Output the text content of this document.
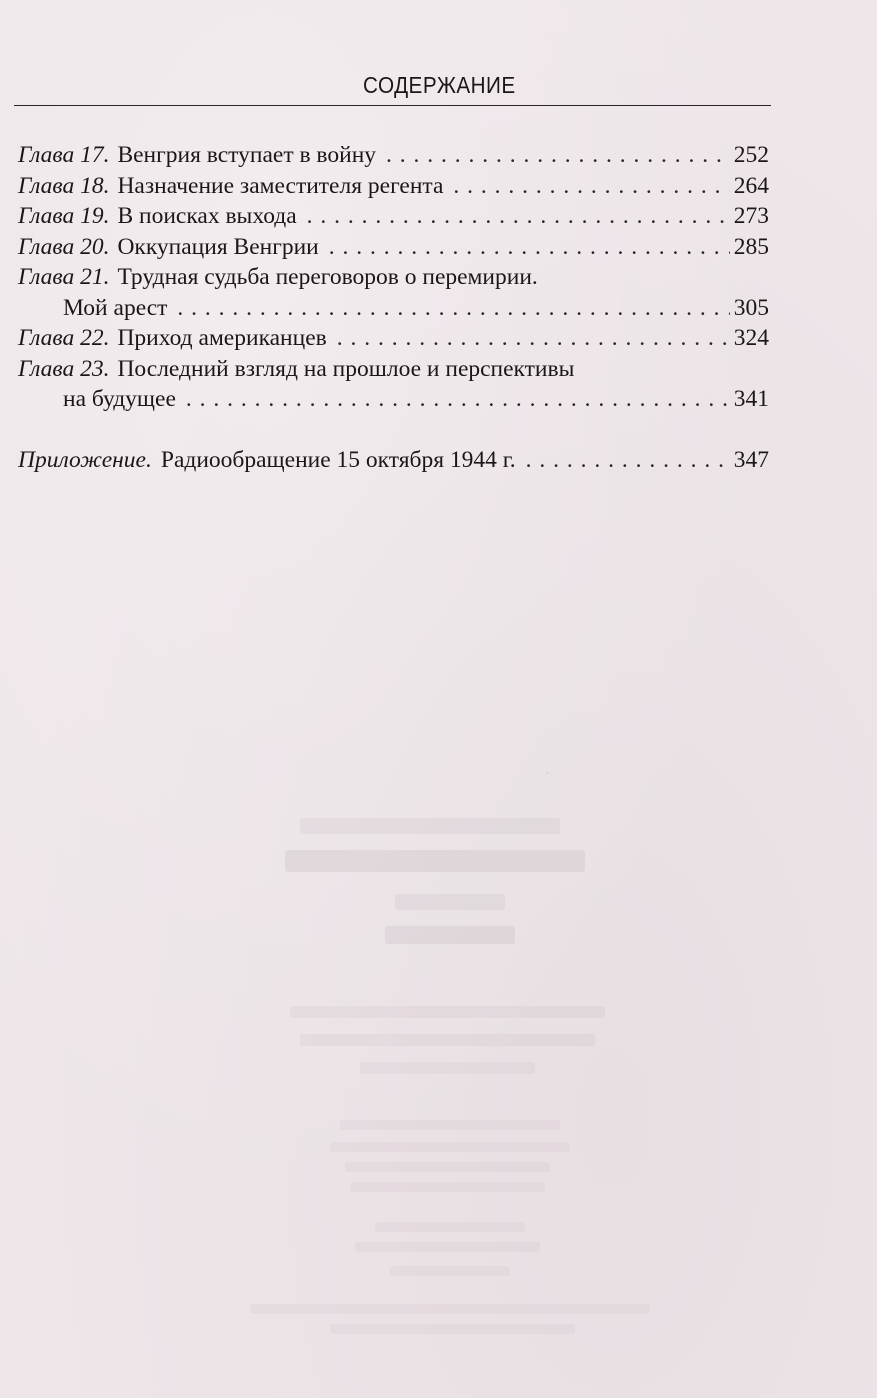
.
СОДЕРЖАНИЕ
Глава 17. Венгрия вступает в войну . . .	252
Глава 18. Назначение заместителя регента . . .	264
Глава 19. В поисках выхода . . .	273
Глава 20. Оккупация Венгрии . . .	285
Глава 21. Трудная судьба переговоров о перемирии.
Мой арест . . .	305
Глава 22. Приход американцев . . .	324
Глава 23. Последний взгляд на прошлое и перспективы
на будущее . . .	341
Приложение. Радиообращение 15 октября 1944 г. . . .	347
